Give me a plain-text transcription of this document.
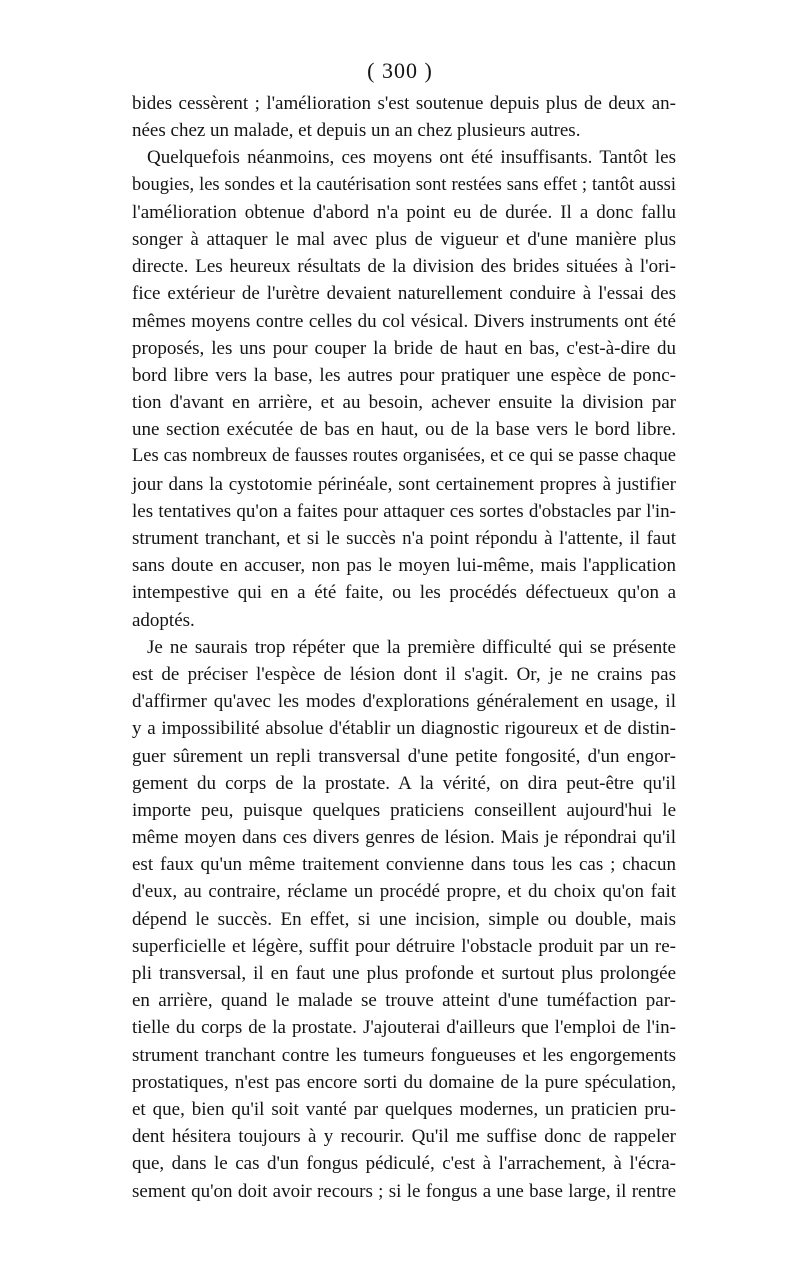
( 300 )
bides cessèrent ; l'amélioration s'est soutenue depuis plus de deux an-
nées chez un malade, et depuis un an chez plusieurs autres.
Quelquefois néanmoins, ces moyens ont été insuffisants. Tantôt les
bougies, les sondes et la cautérisation sont restées sans effet ; tantôt aussi
l'amélioration obtenue d'abord n'a point eu de durée. Il a donc fallu
songer à attaquer le mal avec plus de vigueur et d'une manière plus
directe. Les heureux résultats de la division des brides situées à l'ori-
fice extérieur de l'urètre devaient naturellement conduire à l'essai des
mêmes moyens contre celles du col vésical. Divers instruments ont été
proposés, les uns pour couper la bride de haut en bas, c'est-à-dire du
bord libre vers la base, les autres pour pratiquer une espèce de ponc-
tion d'avant en arrière, et au besoin, achever ensuite la division par
une section exécutée de bas en haut, ou de la base vers le bord libre.
Les cas nombreux de fausses routes organisées, et ce qui se passe chaque
jour dans la cystotomie périnéale, sont certainement propres à justifier
les tentatives qu'on a faites pour attaquer ces sortes d'obstacles par l'in-
strument tranchant, et si le succès n'a point répondu à l'attente, il faut
sans doute en accuser, non pas le moyen lui-même, mais l'application
intempestive qui en a été faite, ou les procédés défectueux qu'on a
adoptés.
Je ne saurais trop répéter que la première difficulté qui se présente
est de préciser l'espèce de lésion dont il s'agit. Or, je ne crains pas
d'affirmer qu'avec les modes d'explorations généralement en usage, il
y a impossibilité absolue d'établir un diagnostic rigoureux et de distin-
guer sûrement un repli transversal d'une petite fongosité, d'un engor-
gement du corps de la prostate. A la vérité, on dira peut-être qu'il
importe peu, puisque quelques praticiens conseillent aujourd'hui le
même moyen dans ces divers genres de lésion. Mais je répondrai qu'il
est faux qu'un même traitement convienne dans tous les cas ; chacun
d'eux, au contraire, réclame un procédé propre, et du choix qu'on fait
dépend le succès. En effet, si une incision, simple ou double, mais
superficielle et légère, suffit pour détruire l'obstacle produit par un re-
pli transversal, il en faut une plus profonde et surtout plus prolongée
en arrière, quand le malade se trouve atteint d'une tuméfaction par-
tielle du corps de la prostate. J'ajouterai d'ailleurs que l'emploi de l'in-
strument tranchant contre les tumeurs fongueuses et les engorgements
prostatiques, n'est pas encore sorti du domaine de la pure spéculation,
et que, bien qu'il soit vanté par quelques modernes, un praticien pru-
dent hésitera toujours à y recourir. Qu'il me suffise donc de rappeler
que, dans le cas d'un fongus pédiculé, c'est à l'arrachement, à l'écra-
sement qu'on doit avoir recours ; si le fongus a une base large, il rentre
